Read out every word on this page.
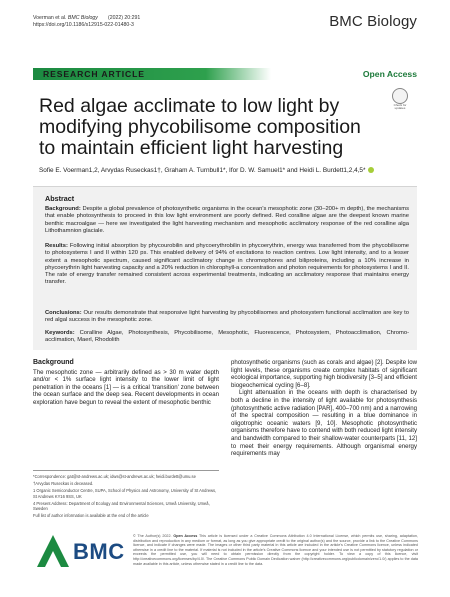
Voerman et al. BMC Biology (2022) 20:291
https://doi.org/10.1186/s12915-022-01480-3	BMC Biology
RESEARCH ARTICLE	Open Access
Red algae acclimate to low light by modifying phycobilisome composition to maintain efficient light harvesting
Check for updates
Sofie E. Voerman1,2, Arvydas Ruseckas1†, Graham A. Turnbull1*, Ifor D. W. Samuel1* and Heidi L. Burdett1,2,4,5*
Abstract

Background: Despite a global prevalence of photosynthetic organisms in the ocean's mesophotic zone (30–200+ m depth), the mechanisms that enable photosynthesis to proceed in this low light environment are poorly defined. Red coralline algae are the deepest known marine benthic macroalgae — here we investigated the light harvesting mechanism and mesophotic acclimatory response of the red coralline alga Lithothamnion glaciale.

Results: Following initial absorption by phycourobilin and phycoerythrobilin in phycoerythrin, energy was transferred from the phycobilisome to photosystems I and II within 120 ps. This enabled delivery of 94% of excitations to reaction centres. Low light intensity, and to a lesser extent a mesophotic spectrum, caused significant acclimatory change in chromophores and biliproteins, including a 10% increase in phycoerythrin light harvesting capacity and a 20% reduction in chlorophyll-a concentration and photon requirements for photosystems I and II. The rate of energy transfer remained consistent across experimental treatments, indicating an acclimatory response that maintains energy transfer.

Conclusions: Our results demonstrate that responsive light harvesting by phycobilisomes and photosystem functional acclimation are key to red algal success in the mesophotic zone.

Keywords: Coralline Algae, Photosynthesis, Phycobilisome, Mesophotic, Fluorescence, Photosystem, Photoacclimation, Chromo-acclimation, Maerl, Rhodolith

Background

The mesophotic zone — arbitrarily defined as > 30 m water depth and/or < 1% surface light intensity to the lower limit of light penetration in the oceans [1] — is a critical 'transition' zone between the ocean surface and the deep sea. Recent developments in ocean exploration have begun to reveal the extent of mesophotic benthic

photosynthetic organisms (such as corals and algae) [2]. Despite low light levels, these organisms create complex habitats of significant ecological importance, supporting high biodiversity [3–5] and efficient biogeochemical cycling [6–8].

Light attenuation in the oceans with depth is characterised by both a decline in the intensity of light available for photosynthesis (photosynthetic active radiation [PAR], 400–700 nm) and a narrowing of the spectral composition — resulting in a blue dominance in oligotrophic oceanic waters [9, 10]. Mesophotic photosynthetic organisms therefore have to contend with both reduced light intensity and bandwidth compared to their shallow-water counterparts [11, 12] to meet their energy requirements. Although organismal energy requirements may

*Correspondence: gat@st-andrews.ac.uk; idws@st-andrews.ac.uk; heidi.burdett@umu.se

†Arvydas Ruseckas is deceased.

1 Organic Semiconductor Centre, SUPA, School of Physics and Astronomy, University of St Andrews, St Andrews KY16 9SS, UK

4 Present Address: Department of Ecology and Environmental Sciences, Umeå University, Umeå, Sweden

Full list of author information is available at the end of the article

BMC

© The Author(s) 2022. Open Access This article is licensed under a Creative Commons Attribution 4.0 International License, which permits use, sharing, adaptation, distribution and reproduction in any medium or format, as long as you give appropriate credit to the original author(s) and the source, provide a link to the Creative Commons licence, and indicate if changes were made. The images or other third party material in this article are included in the article's Creative Commons licence, unless indicated otherwise in a credit line to the material. If material is not included in the article's Creative Commons licence and your intended use is not permitted by statutory regulation or exceeds the permitted use, you will need to obtain permission directly from the copyright holder. To view a copy of this licence, visit http://creativecommons.org/licenses/by/4.0/. The Creative Commons Public Domain Dedication waiver (http://creativecommons.org/publicdomain/zero/1.0/) applies to the data made available in this article, unless otherwise stated in a credit line to the data.
